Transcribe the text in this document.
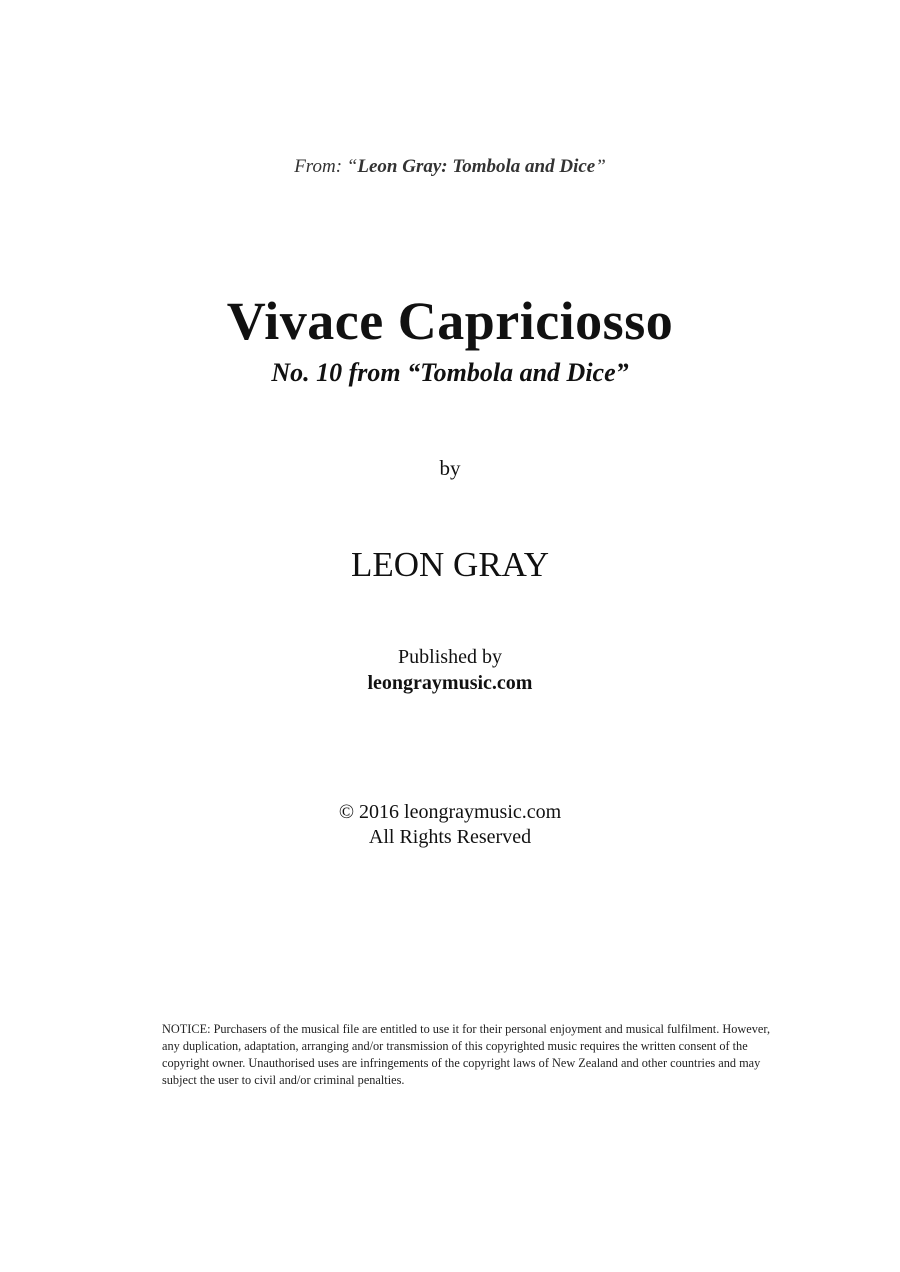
From: “Leon Gray: Tombola and Dice”
Vivace Capriciosso
No. 10 from “Tombola and Dice”
by
LEON GRAY
Published by
leongraymusic.com
© 2016 leongraymusic.com
All Rights Reserved
NOTICE: Purchasers of the musical file are entitled to use it for their personal enjoyment and musical fulfilment. However, any duplication, adaptation, arranging and/or transmission of this copyrighted music requires the written consent of the copyright owner. Unauthorised uses are infringements of the copyright laws of New Zealand and other countries and may subject the user to civil and/or criminal penalties.
